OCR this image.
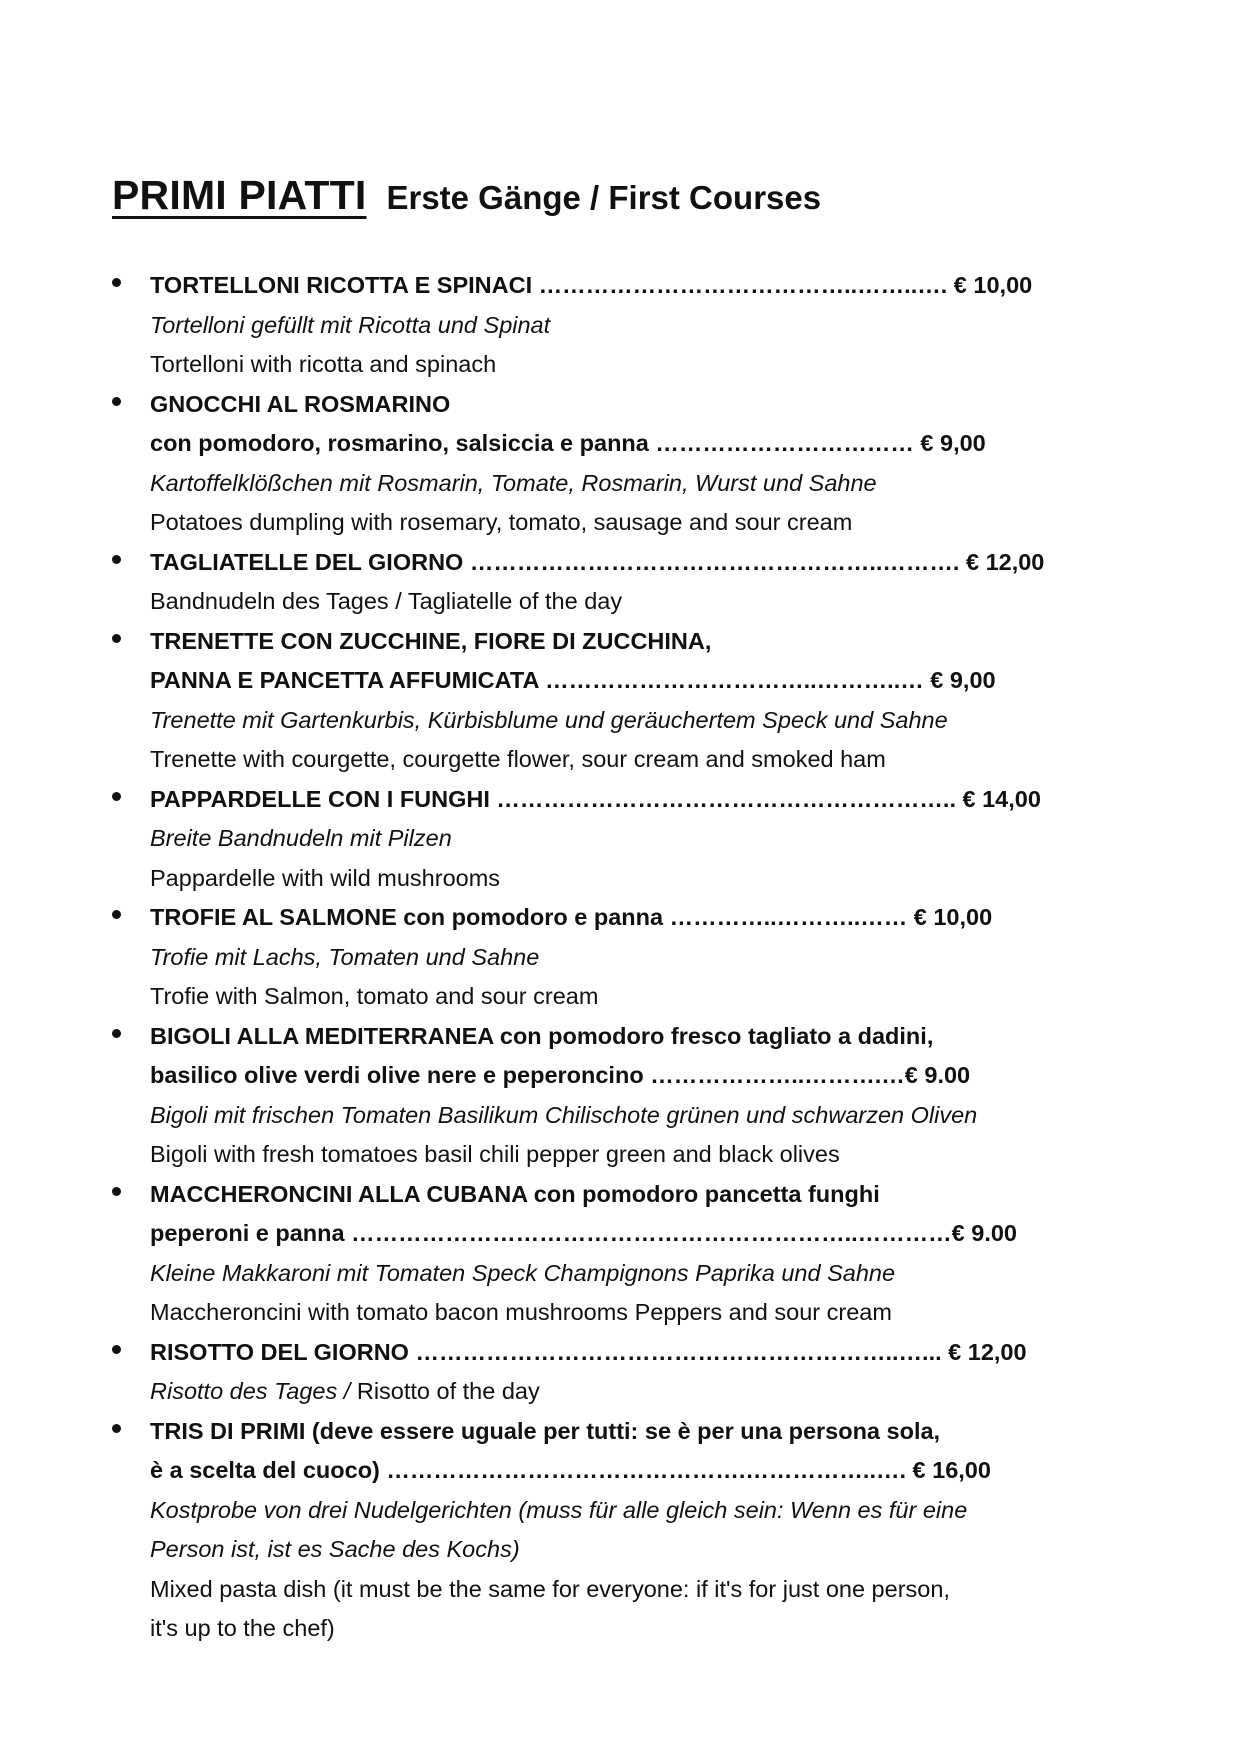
PRIMI PIATTI Erste Gänge / First Courses
TORTELLONI RICOTTA E SPINACI …………………………………..……..…. € 10,00
Tortelloni gefüllt mit Ricotta und Spinat
Tortelloni with ricotta and spinach
GNOCCHI AL ROSMARINO
con pomodoro, rosmarino, salsiccia e panna …………………………… € 9,00
Kartoffelklößchen mit Rosmarin, Tomate, Rosmarin, Wurst und Sahne
Potatoes dumpling with rosemary, tomato, sausage and sour cream
TAGLIATELLE DEL GIORNO ……………………………………………..………. € 12,00
Bandnudeln des Tages / Tagliatelle of the day
TRENETTE CON ZUCCHINE, FIORE DI ZUCCHINA,
PANNA E PANCETTA AFFUMICATA ……………………………..………..… € 9,00
Trenette mit Gartenkurbis, Kürbisblume und geräuchertem Speck und Sahne
Trenette with courgette, courgette flower, sour cream and smoked ham
PAPPARDELLE CON I FUNGHI ………………………………………………….. € 14,00
Breite Bandnudeln mit Pilzen
Pappardelle with wild mushrooms
TROFIE AL SALMONE con pomodoro e panna …………..………..…… € 10,00
Trofie mit Lachs, Tomaten und Sahne
Trofie with Salmon, tomato and sour cream
BIGOLI ALLA MEDITERRANEA con pomodoro fresco tagliato a dadini,
basilico olive verdi olive nere e peperoncino ………………..……….…€ 9.00
Bigoli mit frischen Tomaten Basilikum Chilischote grünen und schwarzen Oliven
Bigoli with fresh tomatoes basil chili pepper green and black olives
MACCHERONCINI ALLA CUBANA con pomodoro pancetta funghi
peperoni e panna ………………………………………………………..…………€ 9.00
Kleine Makkaroni mit Tomaten Speck Champignons Paprika und Sahne
Maccheroncini with tomato bacon mushrooms Peppers and sour cream
RISOTTO DEL GIORNO ……………………………………………………..…... € 12,00
Risotto des Tages / Risotto of the day
TRIS DI PRIMI (deve essere uguale per tutti: se è per una persona sola,
è a scelta del cuoco) ……………………………………….……………..…. € 16,00
Kostprobe von drei Nudelgerichten (muss für alle gleich sein: Wenn es für eine
Person ist, ist es Sache des Kochs)
Mixed pasta dish (it must be the same for everyone: if it's for just one person,
it's up to the chef)
